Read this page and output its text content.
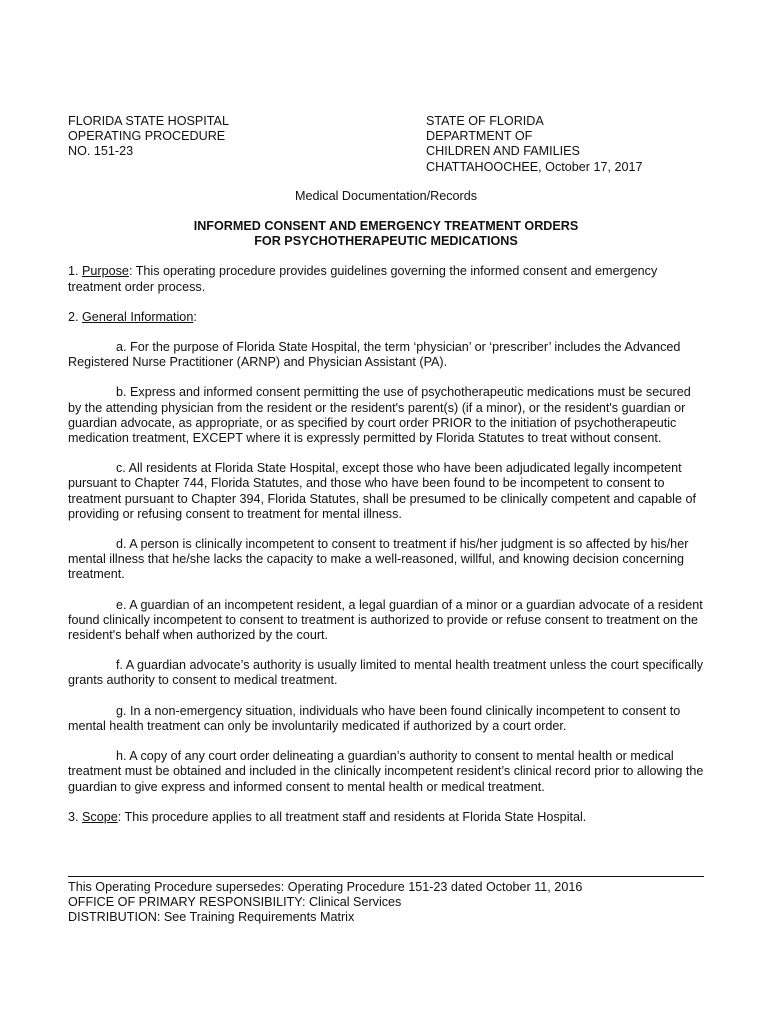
FLORIDA STATE HOSPITAL
OPERATING PROCEDURE
NO. 151-23
STATE OF FLORIDA
DEPARTMENT OF
CHILDREN AND FAMILIES
CHATTAHOOCHEE, October 17, 2017
Medical Documentation/Records
INFORMED CONSENT AND EMERGENCY TREATMENT ORDERS
FOR PSYCHOTHERAPEUTIC MEDICATIONS

1. Purpose: This operating procedure provides guidelines governing the informed consent and emergency treatment order process.

2. General Information:

a. For the purpose of Florida State Hospital, the term ‘physician’ or ‘prescriber’ includes the Advanced Registered Nurse Practitioner (ARNP) and Physician Assistant (PA).

b. Express and informed consent permitting the use of psychotherapeutic medications must be secured by the attending physician from the resident or the resident's parent(s) (if a minor), or the resident's guardian or guardian advocate, as appropriate, or as specified by court order PRIOR to the initiation of psychotherapeutic medication treatment, EXCEPT where it is expressly permitted by Florida Statutes to treat without consent.

c. All residents at Florida State Hospital, except those who have been adjudicated legally incompetent pursuant to Chapter 744, Florida Statutes, and those who have been found to be incompetent to consent to treatment pursuant to Chapter 394, Florida Statutes, shall be presumed to be clinically competent and capable of providing or refusing consent to treatment for mental illness.

d. A person is clinically incompetent to consent to treatment if his/her judgment is so affected by his/her mental illness that he/she lacks the capacity to make a well-reasoned, willful, and knowing decision concerning treatment.

e. A guardian of an incompetent resident, a legal guardian of a minor or a guardian advocate of a resident found clinically incompetent to consent to treatment is authorized to provide or refuse consent to treatment on the resident's behalf when authorized by the court.

f. A guardian advocate’s authority is usually limited to mental health treatment unless the court specifically grants authority to consent to medical treatment.

g. In a non-emergency situation, individuals who have been found clinically incompetent to consent to mental health treatment can only be involuntarily medicated if authorized by a court order.

h. A copy of any court order delineating a guardian’s authority to consent to mental health or medical treatment must be obtained and included in the clinically incompetent resident’s clinical record prior to allowing the guardian to give express and informed consent to mental health or medical treatment.

3. Scope: This procedure applies to all treatment staff and residents at Florida State Hospital.

This Operating Procedure supersedes: Operating Procedure 151-23 dated October 11, 2016
OFFICE OF PRIMARY RESPONSIBILITY: Clinical Services
DISTRIBUTION: See Training Requirements Matrix
